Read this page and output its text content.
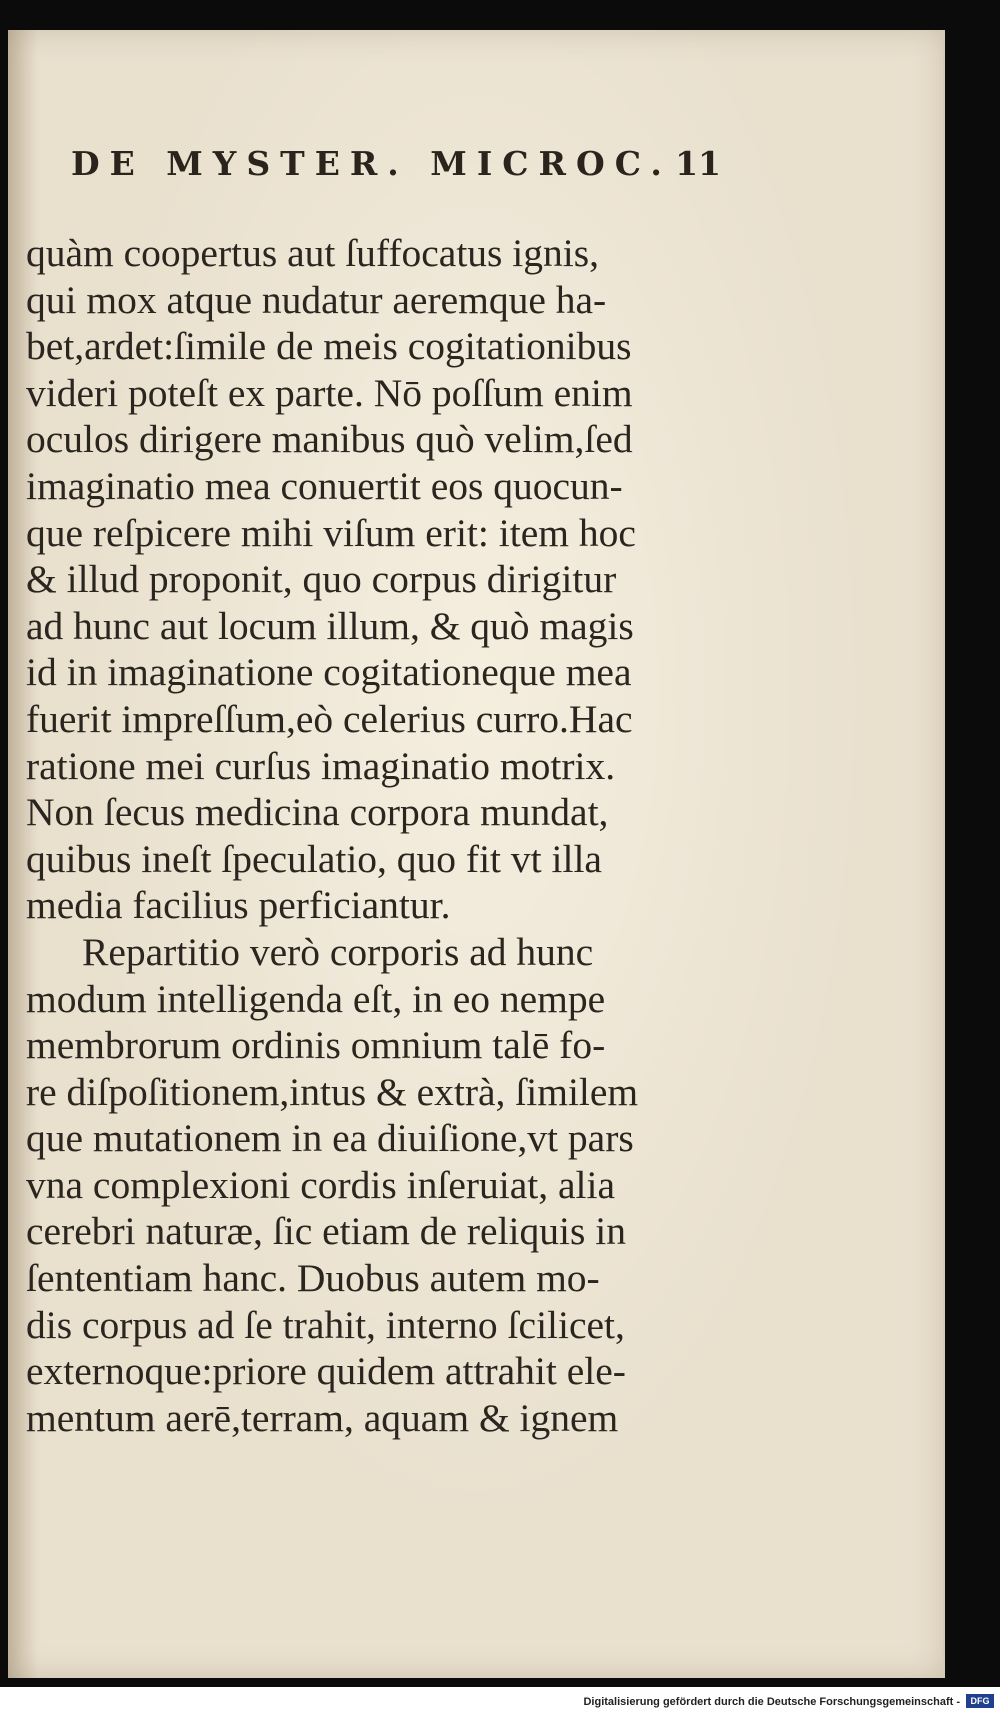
DE MYSTER. MICROC. 11
quàm coopertus aut ſuffocatus ignis,
qui mox atque nudatur aeremque ha-
bet,ardet:ſimile de meis cogitationibus
videri poteſt ex parte. Nō poſſum enim
oculos dirigere manibus quò velim,ſed
imaginatio mea conuertit eos quocun-
que reſpicere mihi viſum erit: item hoc
& illud proponit, quo corpus dirigitur
ad hunc aut locum illum, & quò magis
id in imaginatione cogitationeque mea
fuerit impreſſum,eò celerius curro.Hac
ratione mei curſus imaginatio motrix.
Non ſecus medicina corpora mundat,
quibus ineſt ſpeculatio, quo fit vt illa
media facilius perficiantur.
Repartitio verò corporis ad hunc
modum intelligenda eſt, in eo nempe
membrorum ordinis omnium talē fo-
re diſpoſitionem,intus & extrà, ſimilem
que mutationem in ea diuiſione,vt pars
vna complexioni cordis inſeruiat, alia
cerebri naturæ, ſic etiam de reliquis in
ſententiam hanc. Duobus autem mo-
dis corpus ad ſe trahit, interno ſcilicet,
externoque:priore quidem attrahit ele-
mentum aerē,terram, aquam & ignem
Digitalisierung gefördert durch die Deutsche Forschungsgemeinschaft -	DFG
